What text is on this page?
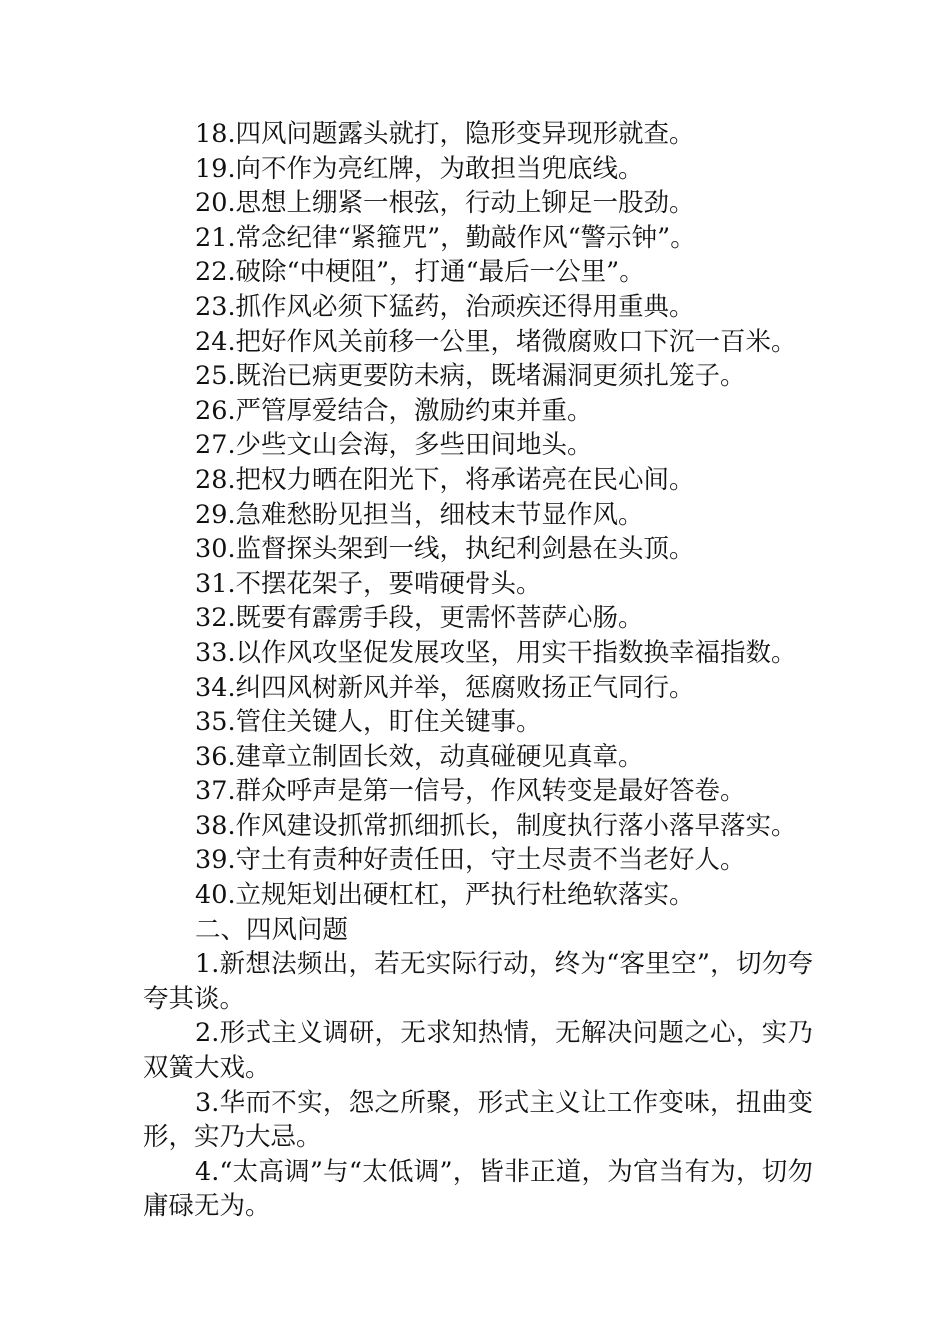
18.四风问题露头就打，隐形变异现形就查。
19.向不作为亮红牌，为敢担当兜底线。
20.思想上绷紧一根弦，行动上铆足一股劲。
21.常念纪律“紧箍咒”，勤敲作风“警示钟”。
22.破除“中梗阻”，打通“最后一公里”。
23.抓作风必须下猛药，治顽疾还得用重典。
24.把好作风关前移一公里，堵微腐败口下沉一百米。
25.既治已病更要防未病，既堵漏洞更须扎笼子。
26.严管厚爱结合，激励约束并重。
27.少些文山会海，多些田间地头。
28.把权力晒在阳光下，将承诺亮在民心间。
29.急难愁盼见担当，细枝末节显作风。
30.监督探头架到一线，执纪利剑悬在头顶。
31.不摆花架子，要啃硬骨头。
32.既要有霹雳手段，更需怀菩萨心肠。
33.以作风攻坚促发展攻坚，用实干指数换幸福指数。
34.纠四风树新风并举，惩腐败扬正气同行。
35.管住关键人，盯住关键事。
36.建章立制固长效，动真碰硬见真章。
37.群众呼声是第一信号，作风转变是最好答卷。
38.作风建设抓常抓细抓长，制度执行落小落早落实。
39.守土有责种好责任田，守土尽责不当老好人。
40.立规矩划出硬杠杠，严执行杜绝软落实。
二、四风问题
1.新想法频出，若无实际行动，终为“客里空”，切勿夸夸其谈。
2.形式主义调研，无求知热情，无解决问题之心，实乃双簧大戏。
3.华而不实，怨之所聚，形式主义让工作变味，扭曲变形，实乃大忌。
4.“太高调”与“太低调”，皆非正道，为官当有为，切勿庸碌无为。
